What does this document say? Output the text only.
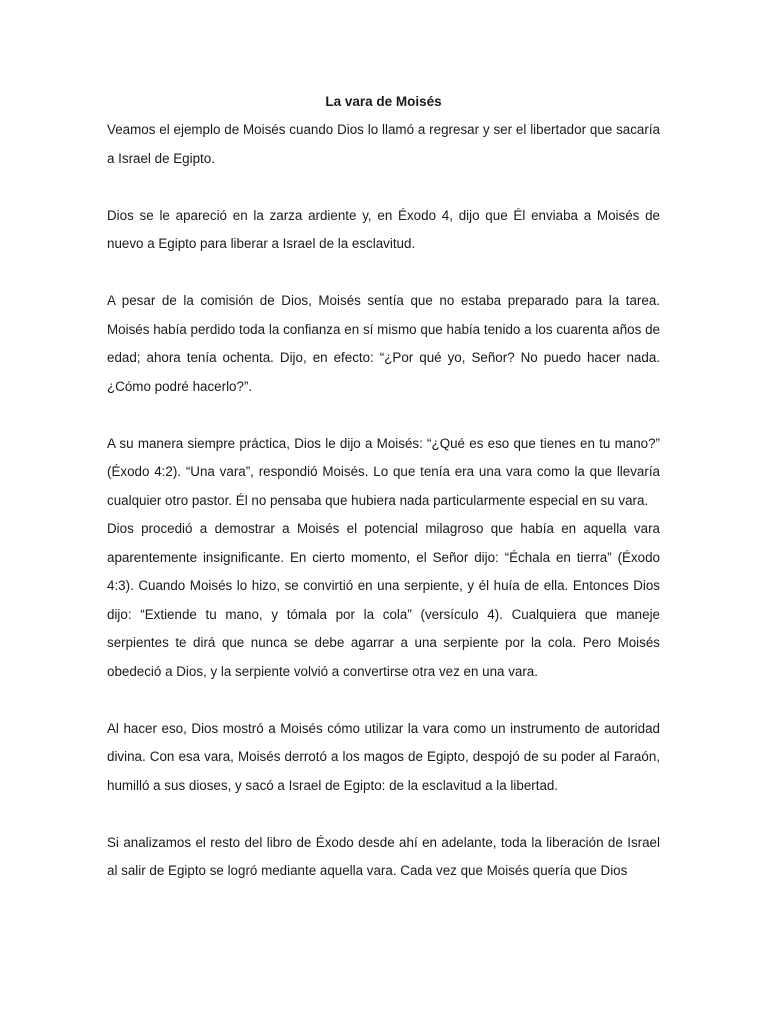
La vara de Moisés

Veamos el ejemplo de Moisés cuando Dios lo llamó a regresar y ser el libertador que sacaría a Israel de Egipto.

Dios se le apareció en la zarza ardiente y, en Éxodo 4, dijo que Él enviaba a Moisés de nuevo a Egipto para liberar a Israel de la esclavitud.

A pesar de la comisión de Dios, Moisés sentía que no estaba preparado para la tarea. Moisés había perdido toda la confianza en sí mismo que había tenido a los cuarenta años de edad; ahora tenía ochenta. Dijo, en efecto: “¿Por qué yo, Señor? No puedo hacer nada. ¿Cómo podré hacerlo?”.

A su manera siempre práctica, Dios le dijo a Moisés: “¿Qué es eso que tienes en tu mano?” (Éxodo 4:2). “Una vara”, respondió Moisés. Lo que tenía era una vara como la que llevaría cualquier otro pastor. Él no pensaba que hubiera nada particularmente especial en su vara.

Dios procedió a demostrar a Moisés el potencial milagroso que había en aquella vara aparentemente insignificante. En cierto momento, el Señor dijo: “Échala en tierra” (Éxodo 4:3). Cuando Moisés lo hizo, se convirtió en una serpiente, y él huía de ella. Entonces Dios dijo: “Extiende tu mano, y tómala por la cola” (versículo 4). Cualquiera que maneje serpientes te dirá que nunca se debe agarrar a una serpiente por la cola. Pero Moisés obedeció a Dios, y la serpiente volvió a convertirse otra vez en una vara.

Al hacer eso, Dios mostró a Moisés cómo utilizar la vara como un instrumento de autoridad divina. Con esa vara, Moisés derrotó a los magos de Egipto, despojó de su poder al Faraón, humilló a sus dioses, y sacó a Israel de Egipto: de la esclavitud a la libertad.

Si analizamos el resto del libro de Éxodo desde ahí en adelante, toda la liberación de Israel al salir de Egipto se logró mediante aquella vara. Cada vez que Moisés quería que Dios
